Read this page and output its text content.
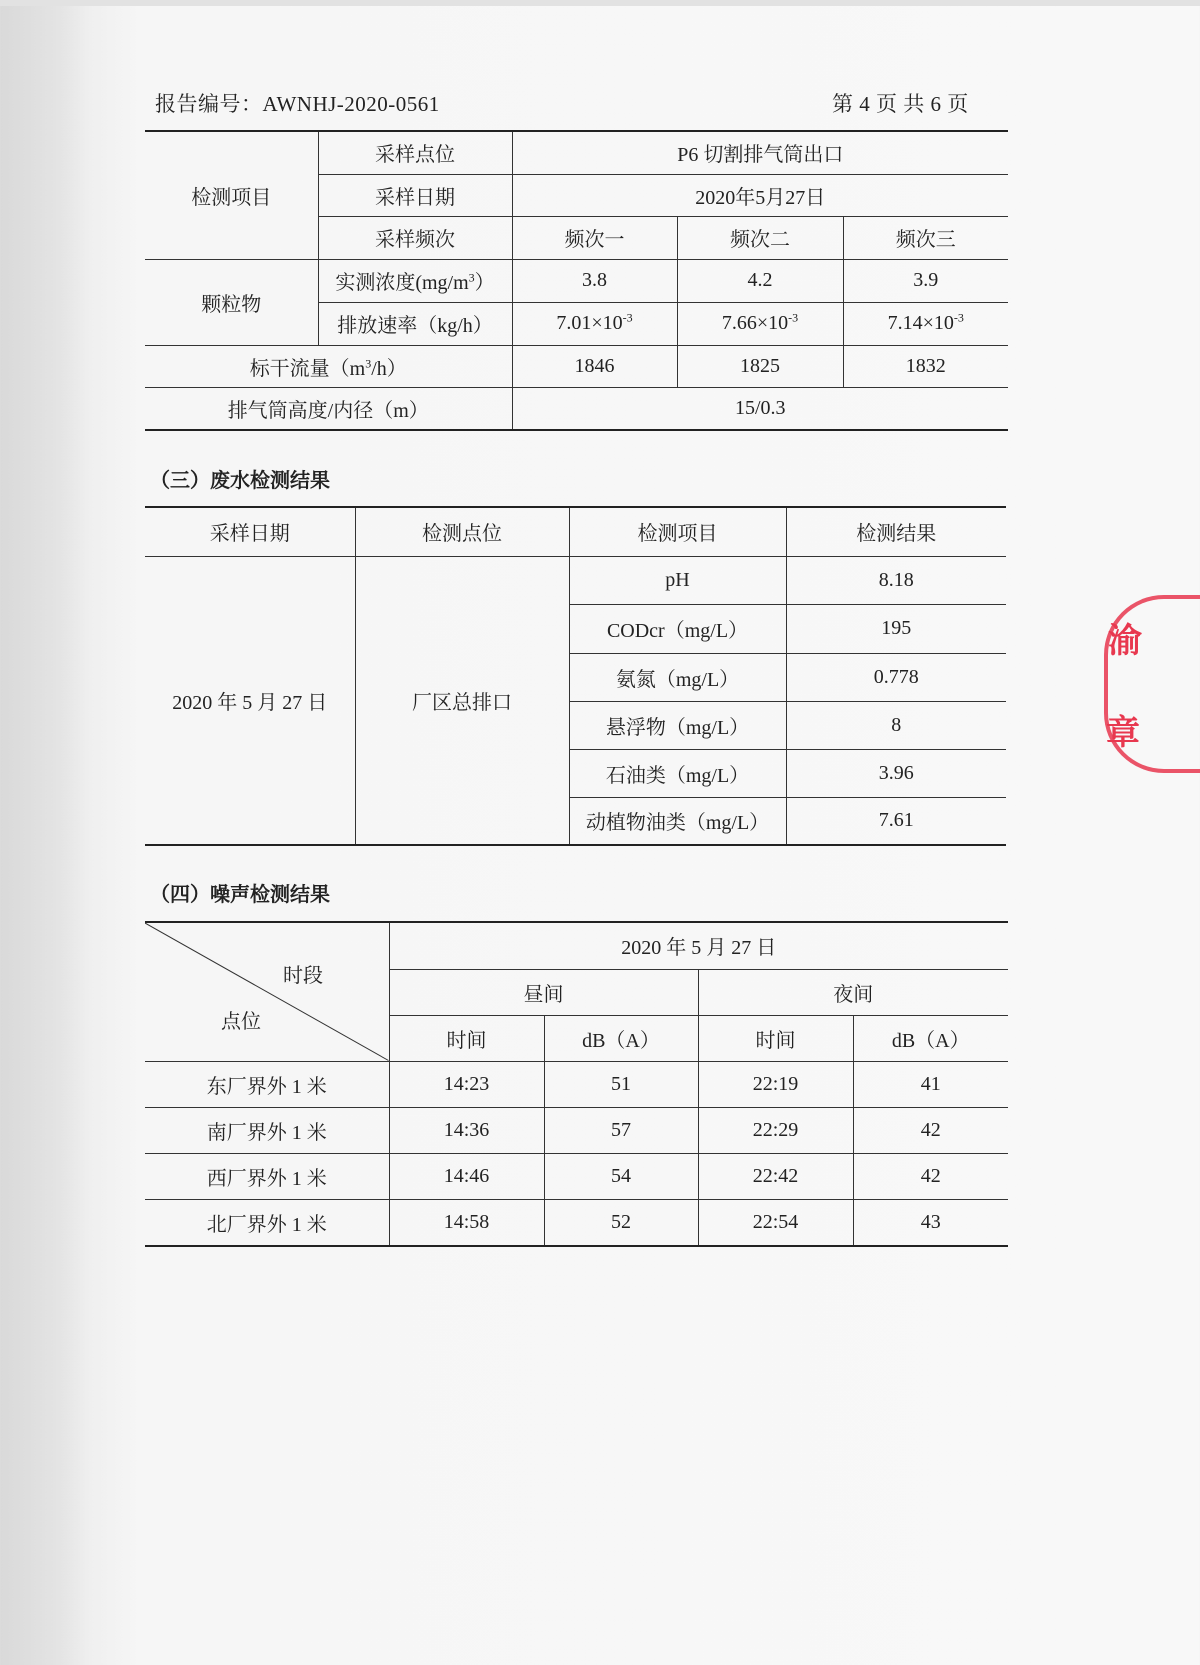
报告编号：AWNHJ-2020-0561	第 4 页 共 6 页
检测项目	采样点位	P6 切割排气筒出口		
	采样日期	2020年5月27日		
	采样频次	频次一	频次二	频次三
颗粒物	实测浓度$(mg/m^3)$	3.8	4.2	3.9
	排放速率（kg/h）	$7.01\times 10^{-3}$	$7.66\times 10^{-3}$	$7.14\times 10^{-3}$
标干流量$(m^3/h)$		1846	1825	1832
排气筒高度/内径（m）		15/0.3		
（三）废水检测结果
采样日期	检测点位	检测项目	检测结果
2020 年 5 月 27 日	厂区总排口	pH	8.18
		CODcr（mg/L）	195
		氨氮（mg/L）	0.778
		悬浮物（mg/L）	8
		石油类（mg/L）	3.96
		动植物油类（mg/L）	7.61
（四）噪声检测结果
时段
点位	2020 年 5 月 27 日			
	昼间		夜间	
	时间	dB（A）	时间	dB（A）
东厂界外 1 米	14:23	51	22:19	41
南厂界外 1 米	14:36	57	22:29	42
西厂界外 1 米	14:46	54	22:42	42
北厂界外 1 米	14:58	52	22:54	43
渝
章
